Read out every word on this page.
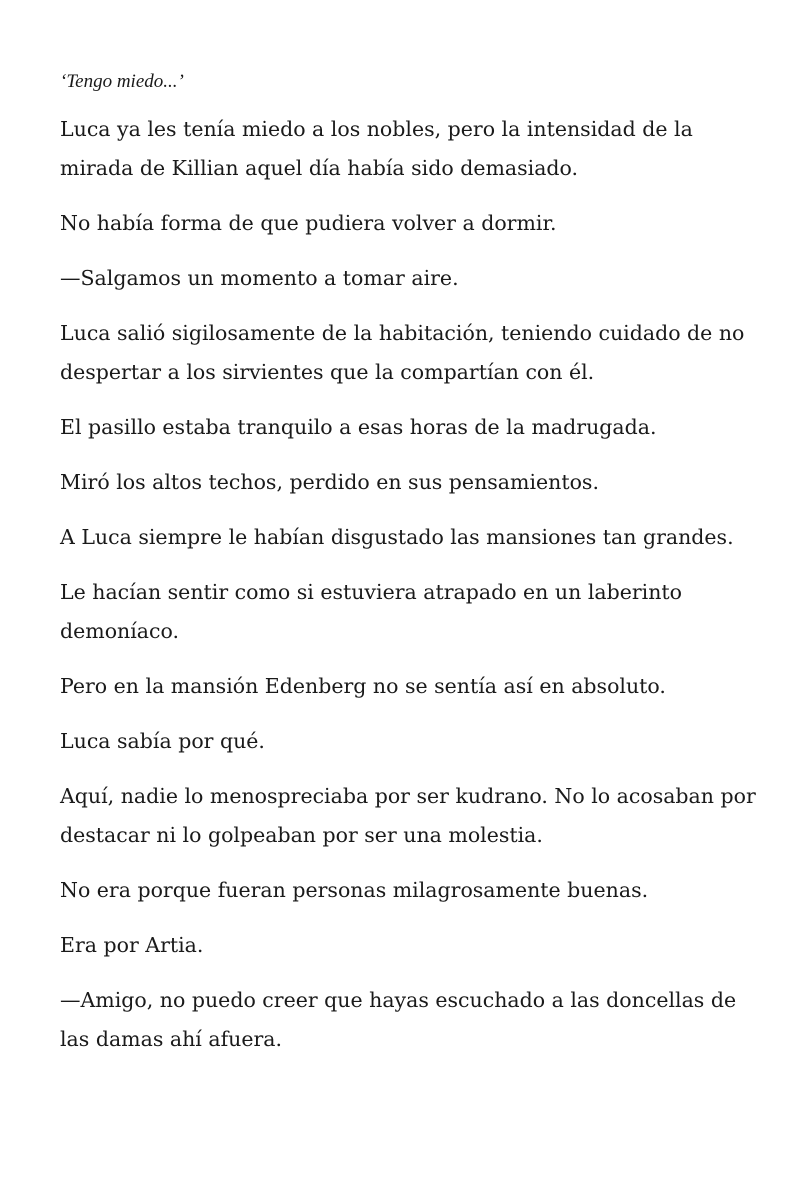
‘Tengo miedo...’

Luca ya les tenía miedo a los nobles, pero la intensidad de la mirada de Killian aquel día había sido demasiado.

No había forma de que pudiera volver a dormir.

—Salgamos un momento a tomar aire.

Luca salió sigilosamente de la habitación, teniendo cuidado de no despertar a los sirvientes que la compartían con él.

El pasillo estaba tranquilo a esas horas de la madrugada.

Miró los altos techos, perdido en sus pensamientos.

A Luca siempre le habían disgustado las mansiones tan grandes.

Le hacían sentir como si estuviera atrapado en un laberinto demoníaco.

Pero en la mansión Edenberg no se sentía así en absoluto.

Luca sabía por qué.

Aquí, nadie lo menospreciaba por ser kudrano. No lo acosaban por destacar ni lo golpeaban por ser una molestia.

No era porque fueran personas milagrosamente buenas.

Era por Artia.

—Amigo, no puedo creer que hayas escuchado a las doncellas de las damas ahí afuera.
